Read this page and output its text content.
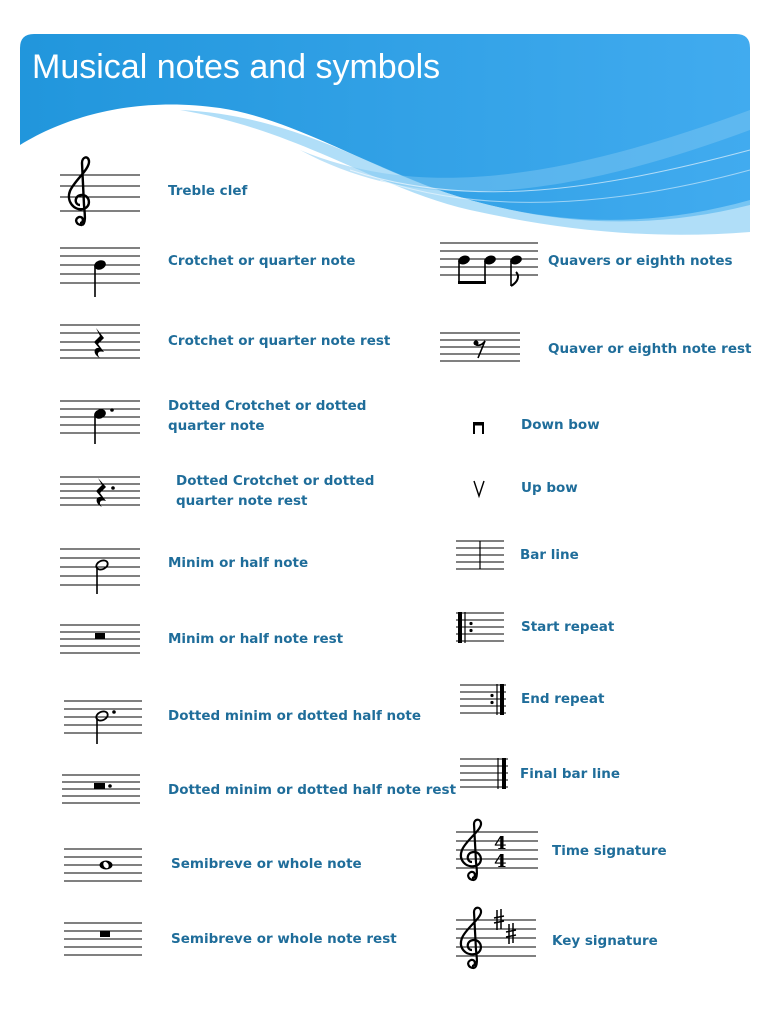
Musical notes and symbols
Treble clef
Crotchet or quarter note
Crotchet or quarter note rest
Dotted Crotchet or dotted quarter note
Dotted Crotchet or dotted quarter note rest
Minim or half note
Minim or half note rest
Dotted minim or dotted half note
Dotted minim or dotted half note rest
Semibreve or whole note
Semibreve or whole note rest
Quavers or eighth notes
Quaver or eighth note rest
Down bow
Up bow
Bar line
Start repeat
End repeat
Final bar line
4
4	Time signature
Key signature
